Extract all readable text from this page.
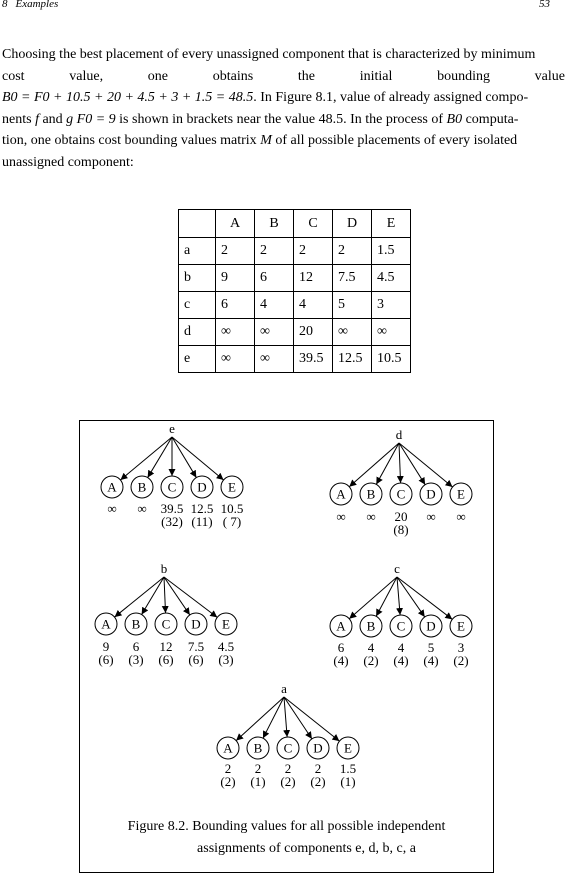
8 Examples	53
Choosing the best placement of every unassigned component that is characterized by minimum
cost	value,	one	obtains	the	initial	bounding	value
B0 = F0 + 10.5 + 20 + 4.5 + 3 + 1.5 = 48.5. In Figure 8.1, value of already assigned compo-
nents f and g F0 = 9 is shown in brackets near the value 48.5. In the process of B0 computa-
tion, one obtains cost bounding values matrix M of all possible placements of every isolated
unassigned component:
	A	B	C	D	E
a	2	2	2	2	1.5
b	9	6	12	7.5	4.5
c	6	4	4	5	3
d	∞	∞	20	∞	∞
e	∞	∞	39.5	12.5	10.5
e
A
∞
B
∞
C
39.5
(32)
D
12.5
(11)
E
10.5
( 7)
d
A
∞
B
∞
C
20
(8)
D
∞
E
∞
b
A
9
(6)
B
6
(3)
C
12
(6)
D
7.5
(6)
E
4.5
(3)
c
A
6
(4)
B
4
(2)
C
4
(4)
D
5
(4)
E
3
(2)
a
A
2
(2)
B
2
(1)
C
2
(2)
D
2
(2)
E
1.5
(1)
Figure 8.2. Bounding values for all possible independent
assignments of components e, d, b, c, a
